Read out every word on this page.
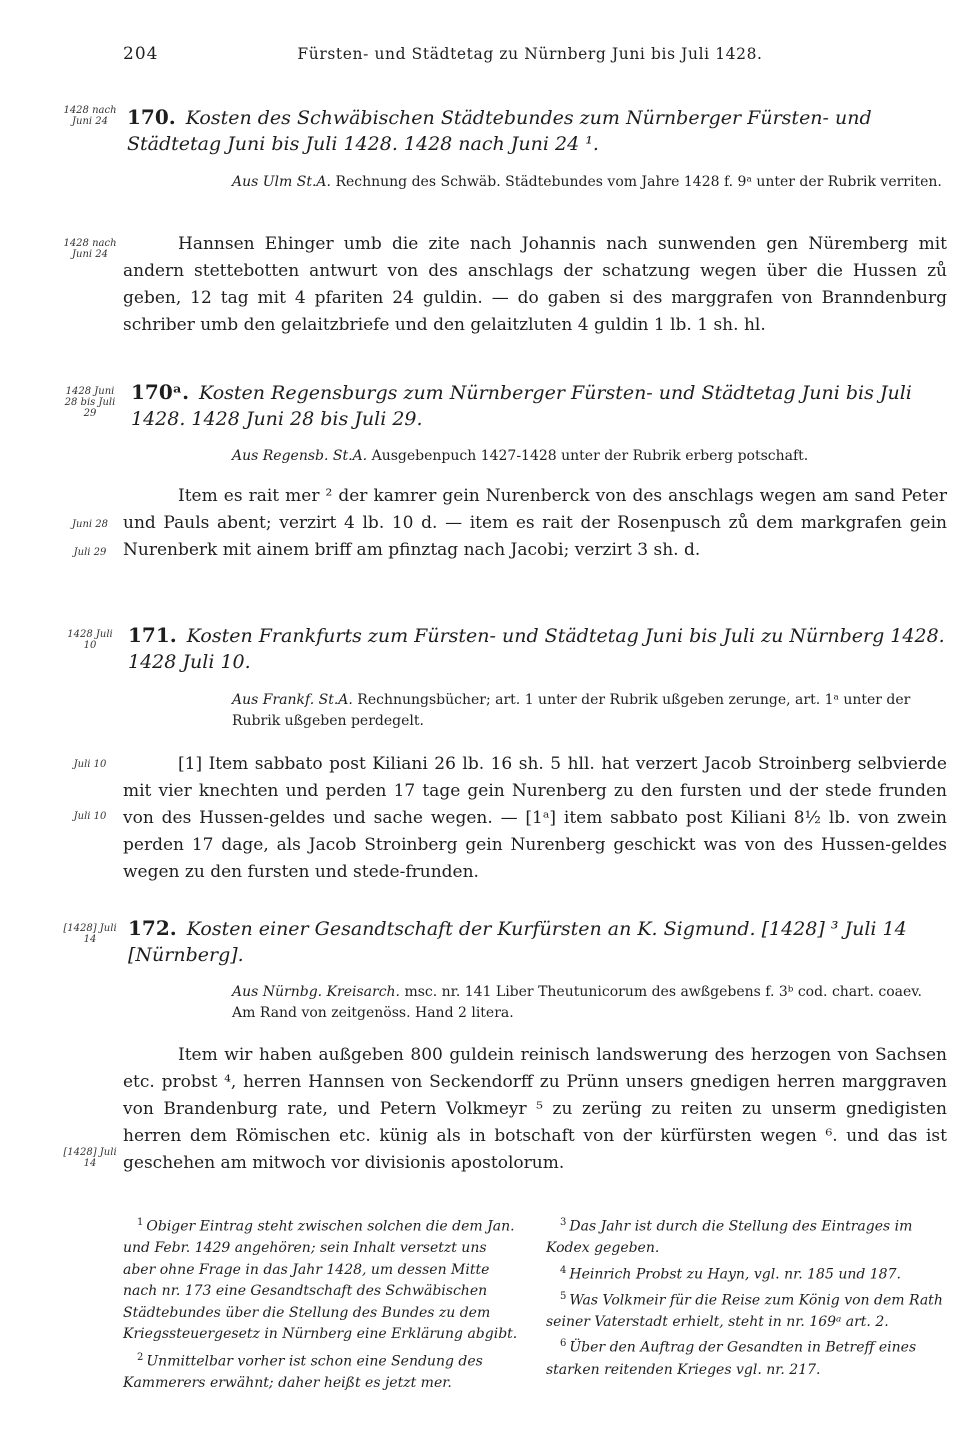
204	Fürsten- und Städtetag zu Nürnberg Juni bis Juli 1428.
1428 nach Juni 24 170. Kosten des Schwäbischen Städtebundes zum Nürnberger Fürsten- und Städtetag Juni bis Juli 1428. 1428 nach Juni 24 ¹.
Aus Ulm St.A. Rechnung des Schwäb. Städtebundes vom Jahre 1428 f. 9ᵃ unter der Rubrik verriten.
1428 nach Juni 24
Hannsen Ehinger umb die zite nach Johannis nach sunwenden gen Nüremberg mit andern stettebotten antwurt von des anschlags der schatzung wegen über die Hussen zů geben, 12 tag mit 4 pfariten 24 guldin. — do gaben si des marggrafen von Branndenburg schriber umb den gelaitzbriefe und den gelaitzluten 4 guldin 1 lb. 1 sh. hl.
1428 Juni 28 bis Juli 29
170ᵃ. Kosten Regensburgs zum Nürnberger Fürsten- und Städtetag Juni bis Juli 1428. 1428 Juni 28 bis Juli 29.
Aus Regensb. St.A. Ausgebenpuch 1427-1428 unter der Rubrik erberg potschaft.
Juni 28
Juli 29
Item es rait mer ² der kamrer gein Nurenberck von des anschlags wegen am sand Peter und Pauls abent; verzirt 4 lb. 10 d. — item es rait der Rosenpusch zů dem markgrafen gein Nurenberk mit ainem briff am pfinztag nach Jacobi; verzirt 3 sh. d.
1428 Juli 10	171. Kosten Frankfurts zum Fürsten- und Städtetag Juni bis Juli zu Nürnberg 1428. 1428 Juli 10.
Aus Frankf. St.A. Rechnungsbücher; art. 1 unter der Rubrik ußgeben zerunge, art. 1ᵃ unter der Rubrik ußgeben perdegelt.
Juli 10
Juli 10
[1] Item sabbato post Kiliani 26 lb. 16 sh. 5 hll. hat verzert Jacob Stroinberg selbvierde mit vier knechten und perden 17 tage gein Nurenberg zu den fursten und der stede frunden von des Hussen-geldes und sache wegen. — [1ᵃ] item sabbato post Kiliani 8½ lb. von zwein perden 17 dage, als Jacob Stroinberg gein Nurenberg geschickt was von des Hussen-geldes wegen zu den fursten und stede-frunden.
[1428] Juli 14	172. Kosten einer Gesandtschaft der Kurfürsten an K. Sigmund. [1428] ³ Juli 14 [Nürnberg].
Aus Nürnbg. Kreisarch. msc. nr. 141 Liber Theutunicorum des awßgebens f. 3ᵇ cod. chart. coaev. Am Rand von zeitgenöss. Hand 2 litera.
[1428] Juli 14
Item wir haben außgeben 800 guldein reinisch landswerung des herzogen von Sachsen etc. probst ⁴, herren Hannsen von Seckendorff zu Prünn unsers gnedigen herren marggraven von Brandenburg rate, und Petern Volkmeyr ⁵ zu zerüng zu reiten zu unserm gnedigisten herren dem Römischen etc. künig als in botschaft von der kürfürsten wegen ⁶. und das ist geschehen am mitwoch vor divisionis apostolorum.
$^1$ Obiger Eintrag steht zwischen solchen die dem Jan. und Febr. 1429 angehören; sein Inhalt versetzt uns aber ohne Frage in das Jahr 1428, um dessen Mitte nach nr. 173 eine Gesandtschaft des Schwäbischen Städtebundes über die Stellung des Bundes zu dem Kriegssteuergesetz in Nürnberg eine Erklärung abgibt.
$^2$ Unmittelbar vorher ist schon eine Sendung des Kammerers erwähnt; daher heißt es jetzt mer.
$^3$ Das Jahr ist durch die Stellung des Eintrages im Kodex gegeben.
$^4$ Heinrich Probst zu Hayn, vgl. nr. 185 und 187.
$^5$ Was Volkmeir für die Reise zum König von dem Rath seiner Vaterstadt erhielt, steht in nr. 169ᵃ art. 2.
$^6$ Über den Auftrag der Gesandten in Betreff eines starken reitenden Krieges vgl. nr. 217.
